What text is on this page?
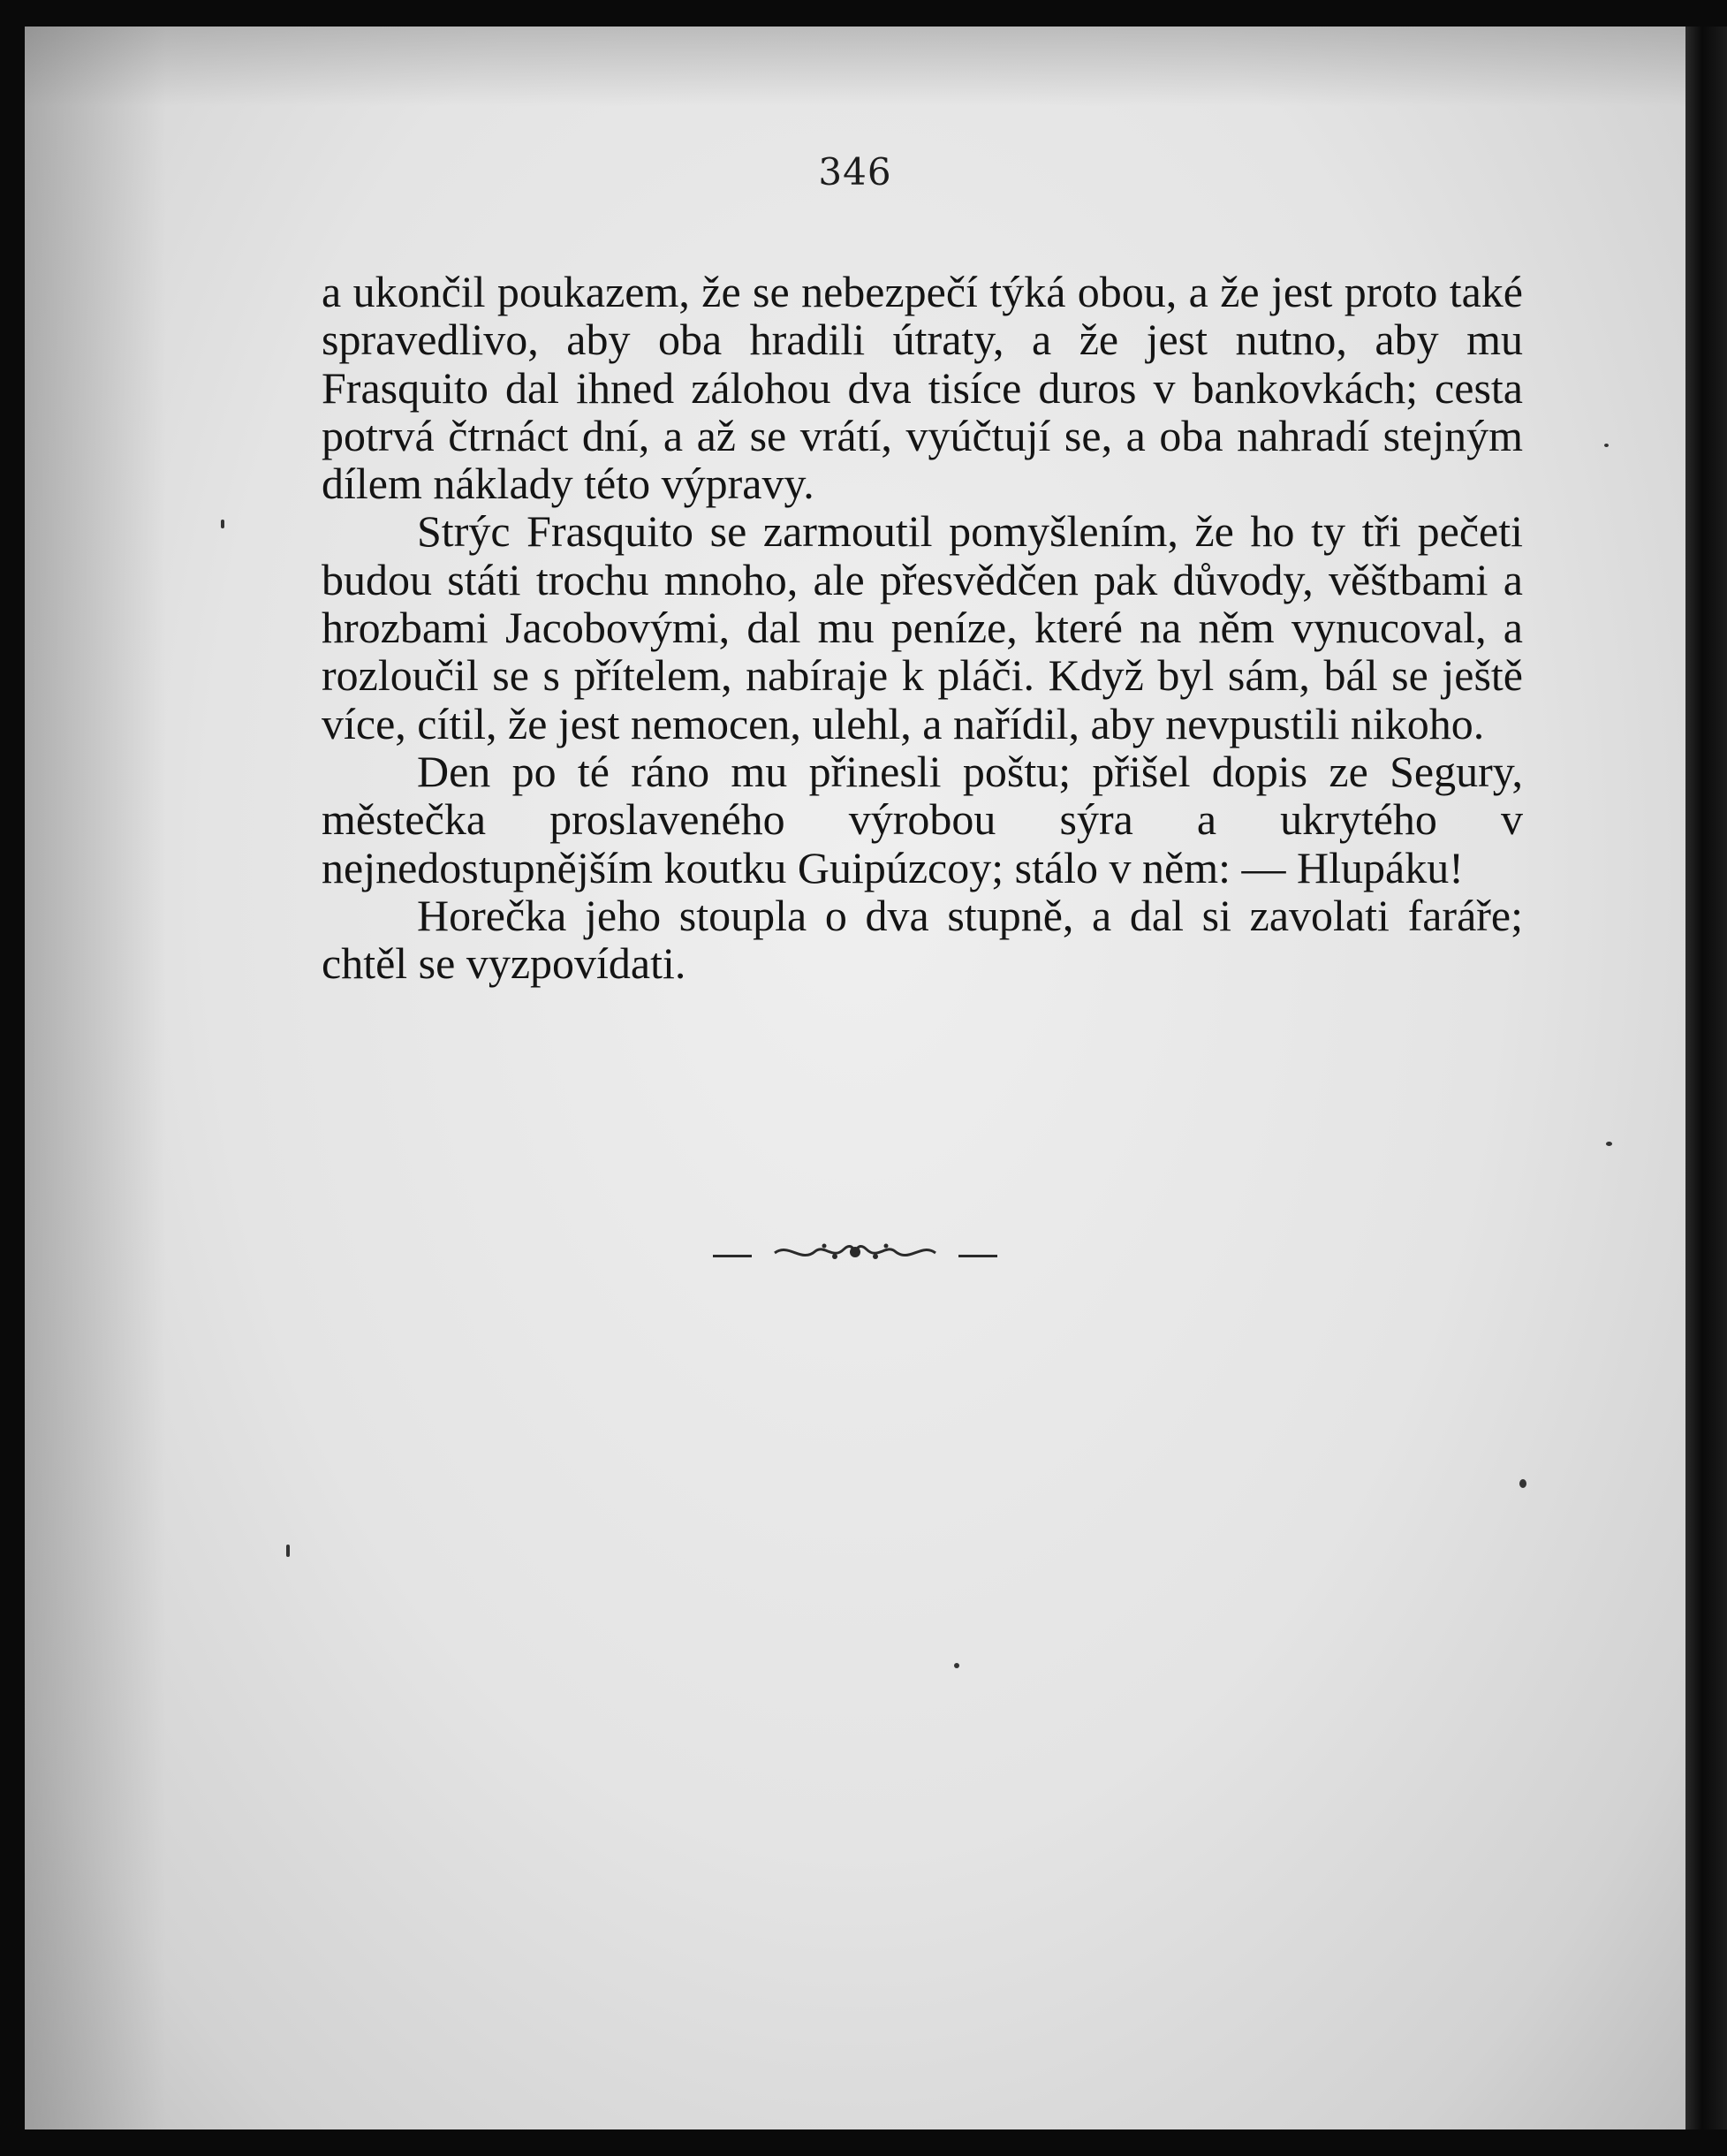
346

a ukončil poukazem, že se nebezpečí týká obou, a že jest proto také spravedlivo, aby oba hradili útraty, a že jest nutno, aby mu Frasquito dal ihned zálohou dva tisíce duros v bankovkách; cesta potrvá čtrnáct dní, a až se vrátí, vyúčtují se, a oba nahradí stejným dílem náklady této výpravy.

Strýc Frasquito se zarmoutil pomyšlením, že ho ty tři pečeti budou státi trochu mnoho, ale přesvědčen pak důvody, věštbami a hrozbami Jacobovými, dal mu peníze, které na něm vynucoval, a rozloučil se s přítelem, nabíraje k pláči. Když byl sám, bál se ještě více, cítil, že jest nemocen, ulehl, a nařídil, aby nevpustili nikoho.

Den po té ráno mu přinesli poštu; přišel dopis ze Segury, městečka proslaveného výrobou sýra a ukrytého v nejnedostupnějším koutku Guipúzcoy; stálo v něm: — Hlupáku!

Horečka jeho stoupla o dva stupně, a dal si zavolati faráře; chtěl se vyzpovídati.
